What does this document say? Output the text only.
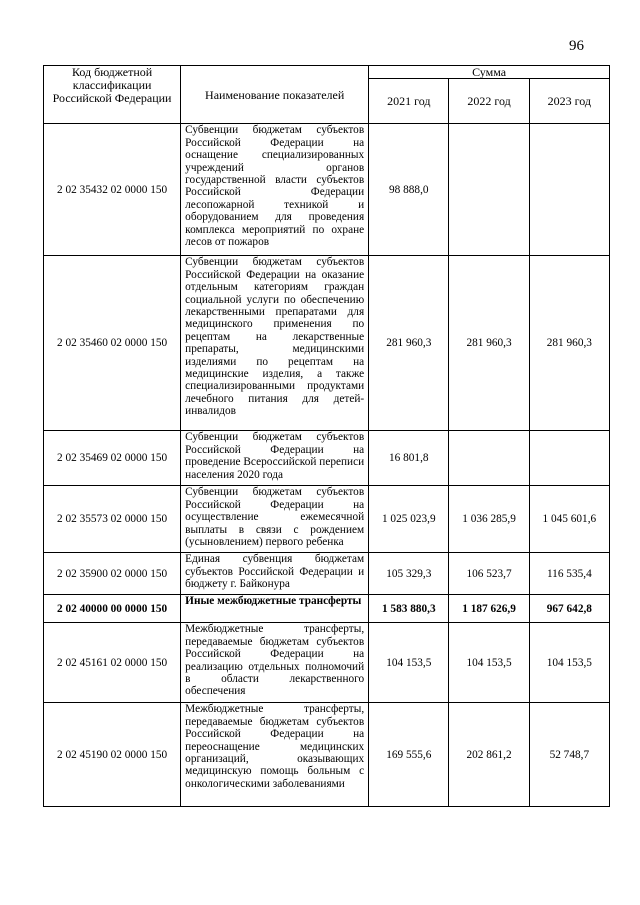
96
Код бюджетной классификации Российской Федерации	Наименование показателей	Сумма		
		2021 год	2022 год	2023 год
2 02 35432 02 0000 150	Субвенции бюджетам субъектов Российской Федерации на оснащение специализированных учреждений органов государственной власти субъектов Российской Федерации лесопожарной техникой и оборудованием для проведения комплекса мероприятий по охране лесов от пожаров	98 888,0		
2 02 35460 02 0000 150	Субвенции бюджетам субъектов Российской Федерации на оказание отдельным категориям граждан социальной услуги по обеспечению лекарственными препаратами для медицинского применения по рецептам на лекарственные препараты, медицинскими изделиями по рецептам на медицинские изделия, а также специализированными продуктами лечебного питания для детей-инвалидов	281 960,3	281 960,3	281 960,3
2 02 35469 02 0000 150	Субвенции бюджетам субъектов Российской Федерации на проведение Всероссийской переписи населения 2020 года	16 801,8		
2 02 35573 02 0000 150	Субвенции бюджетам субъектов Российской Федерации на осуществление ежемесячной выплаты в связи с рождением (усыновлением) первого ребенка	1 025 023,9	1 036 285,9	1 045 601,6
2 02 35900 02 0000 150	Единая субвенция бюджетам субъектов Российской Федерации и бюджету г. Байконура	105 329,3	106 523,7	116 535,4
2 02 40000 00 0000 150	Иные межбюджетные трансферты	1 583 880,3	1 187 626,9	967 642,8
2 02 45161 02 0000 150	Межбюджетные трансферты, передаваемые бюджетам субъектов Российской Федерации на реализацию отдельных полномочий в области лекарственного обеспечения	104 153,5	104 153,5	104 153,5
2 02 45190 02 0000 150	Межбюджетные трансферты, передаваемые бюджетам субъектов Российской Федерации на переоснащение медицинских организаций, оказывающих медицинскую помощь больным с онкологическими заболеваниями	169 555,6	202 861,2	52 748,7
